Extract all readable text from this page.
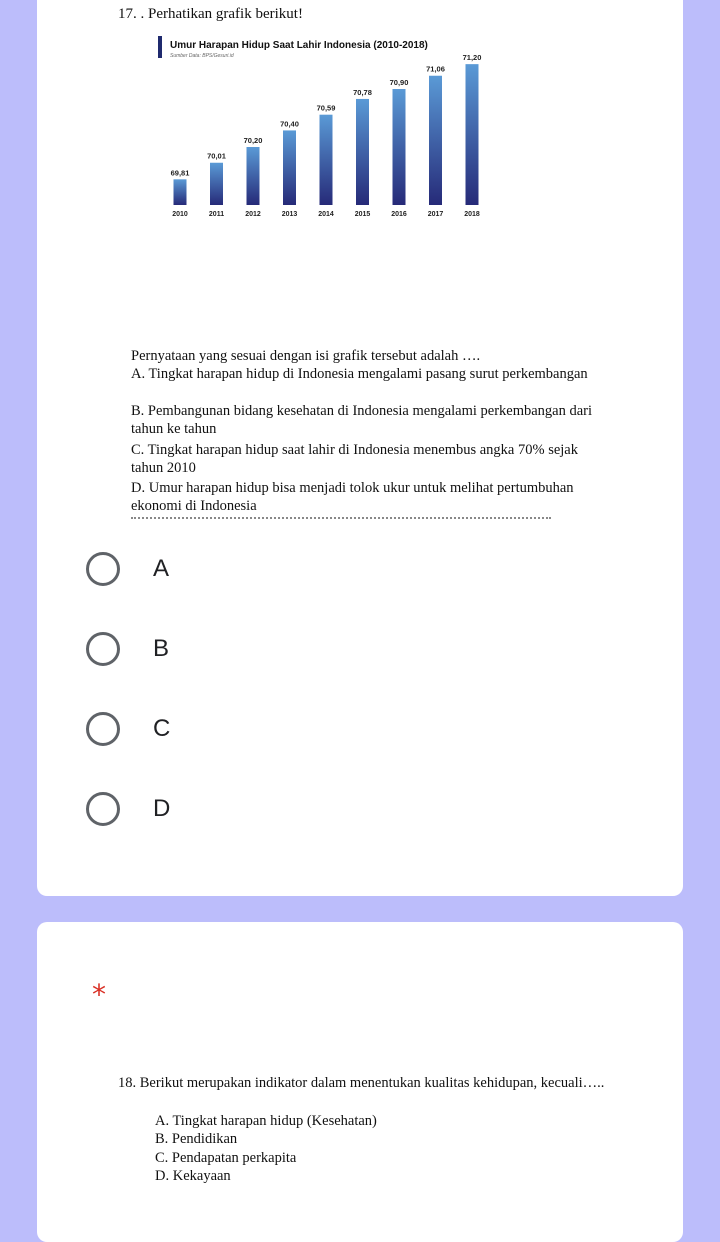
17. . Perhatikan grafik berikut!
Umur Harapan Hidup Saat Lahir Indonesia (2010-2018)
Sumber Data: BPS/Gesuri.id
69,81
2010
70,01
2011
70,20
2012
70,40
2013
70,59
2014
70,78
2015
70,90
2016
71,06
2017
71,20
2018
Pernyataan yang sesuai dengan isi grafik tersebut adalah ….
A. Tingkat harapan hidup di Indonesia mengalami pasang surut perkembangan
B. Pembangunan bidang kesehatan di Indonesia mengalami perkembangan dari tahun ke tahun
C. Tingkat harapan hidup saat lahir di Indonesia menembus angka 70% sejak tahun 2010
D. Umur harapan hidup bisa menjadi tolok ukur untuk melihat pertumbuhan ekonomi di Indonesia
A
B
C
D
*
18. Berikut merupakan indikator dalam menentukan kualitas kehidupan, kecuali…..
A. Tingkat harapan hidup (Kesehatan)
B. Pendidikan
C. Pendapatan perkapita
D. Kekayaan
